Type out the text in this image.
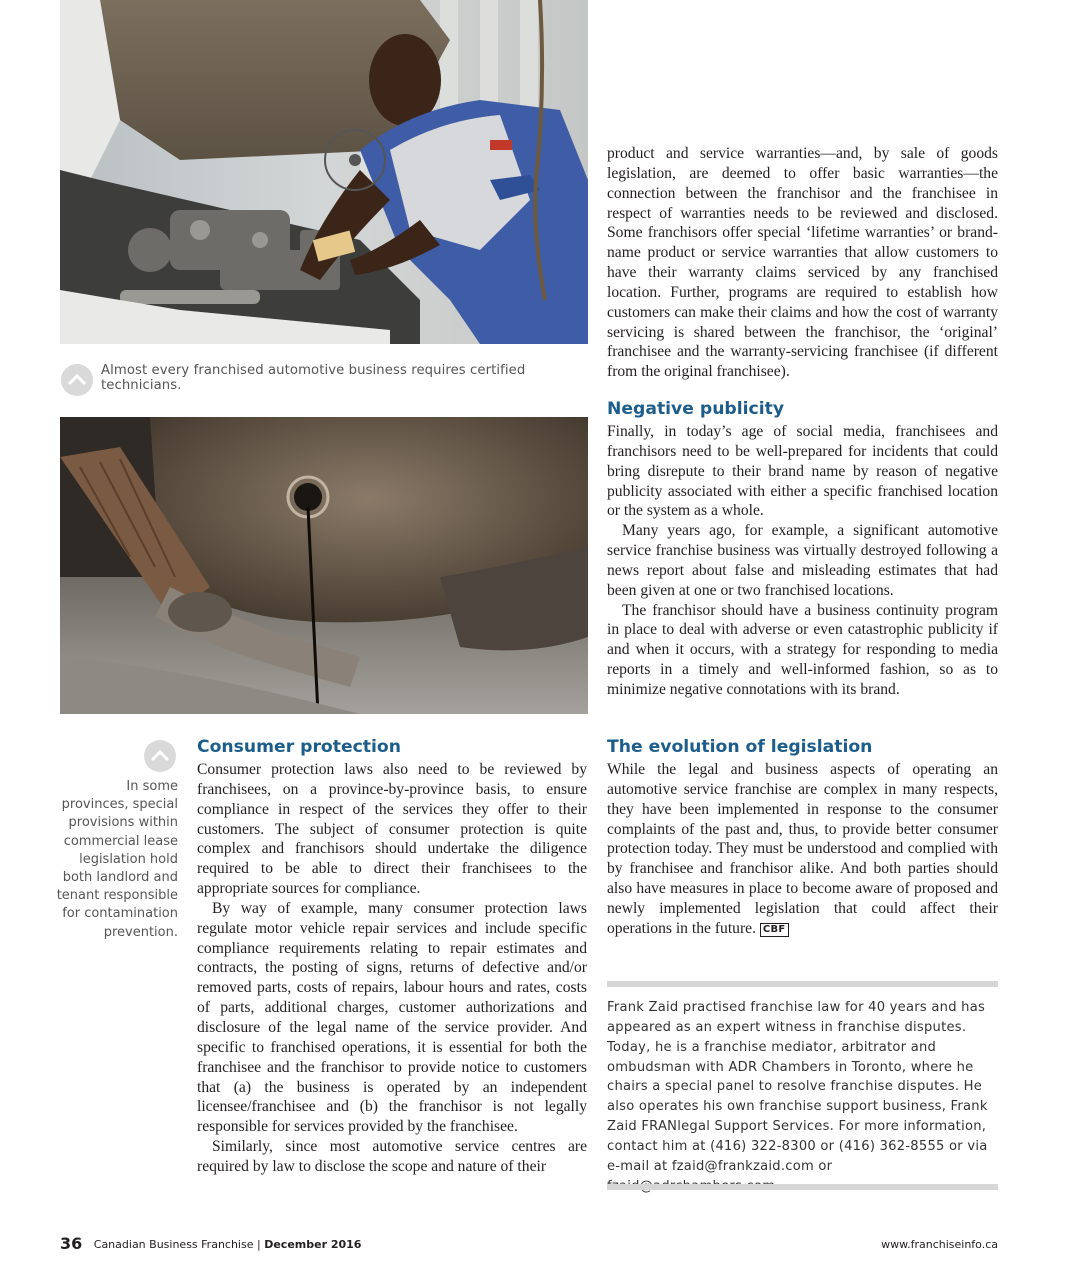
Almost every franchised automotive business requires certified technicians.
In some provinces, special provisions within commercial lease legislation hold both landlord and tenant responsible for contamination prevention.
Consumer protection

Consumer protection laws also need to be reviewed by franchisees, on a province-by-province basis, to ensure compliance in respect of the services they offer to their customers. The subject of consumer protection is quite complex and franchisors should undertake the diligence required to be able to direct their franchisees to the appropriate sources for compliance.

By way of example, many consumer protection laws regulate motor vehicle repair services and include specific compliance requirements relating to repair estimates and contracts, the posting of signs, returns of defective and/or removed parts, costs of repairs, labour hours and rates, costs of parts, additional charges, customer authorizations and disclosure of the legal name of the service provider. And specific to franchised operations, it is essential for both the franchisee and the franchisor to provide notice to customers that (a) the business is operated by an independent licensee/franchisee and (b) the franchisor is not legally responsible for services provided by the franchisee.

Similarly, since most automotive service centres are required by law to disclose the scope and nature of their

product and service warranties—and, by sale of goods legislation, are deemed to offer basic warranties—the connection between the franchisor and the franchisee in respect of warranties needs to be reviewed and disclosed. Some franchisors offer special ‘lifetime warranties’ or brand-name product or service warranties that allow customers to have their warranty claims serviced by any franchised location. Further, programs are required to establish how customers can make their claims and how the cost of warranty servicing is shared between the franchisor, the ‘original’ franchisee and the warranty-servicing franchisee (if different from the original franchisee).

Negative publicity

Finally, in today’s age of social media, franchisees and franchisors need to be well-prepared for incidents that could bring disrepute to their brand name by reason of negative publicity associated with either a specific franchised location or the system as a whole.

Many years ago, for example, a significant automotive service franchise business was virtually destroyed following a news report about false and misleading estimates that had been given at one or two franchised locations.

The franchisor should have a business continuity program in place to deal with adverse or even catastrophic publicity if and when it occurs, with a strategy for responding to media reports in a timely and well-informed fashion, so as to minimize negative connotations with its brand.

The evolution of legislation

While the legal and business aspects of operating an automotive service franchise are complex in many respects, they have been implemented in response to the consumer complaints of the past and, thus, to provide better consumer protection today. They must be understood and complied with by franchisee and franchisor alike. And both parties should also have measures in place to become aware of proposed and newly implemented legislation that could affect their operations in the future. CBF

Frank Zaid practised franchise law for 40 years and has appeared as an expert witness in franchise disputes. Today, he is a franchise mediator, arbitrator and ombudsman with ADR Chambers in Toronto, where he chairs a special panel to resolve franchise disputes. He also operates his own franchise support business, Frank Zaid FRANlegal Support Services. For more information, contact him at (416) 322-8300 or (416) 362-8555 or via e-mail at fzaid@frankzaid.com or
36 Canadian Business Franchise | December 2016	www.franchiseinfo.ca
